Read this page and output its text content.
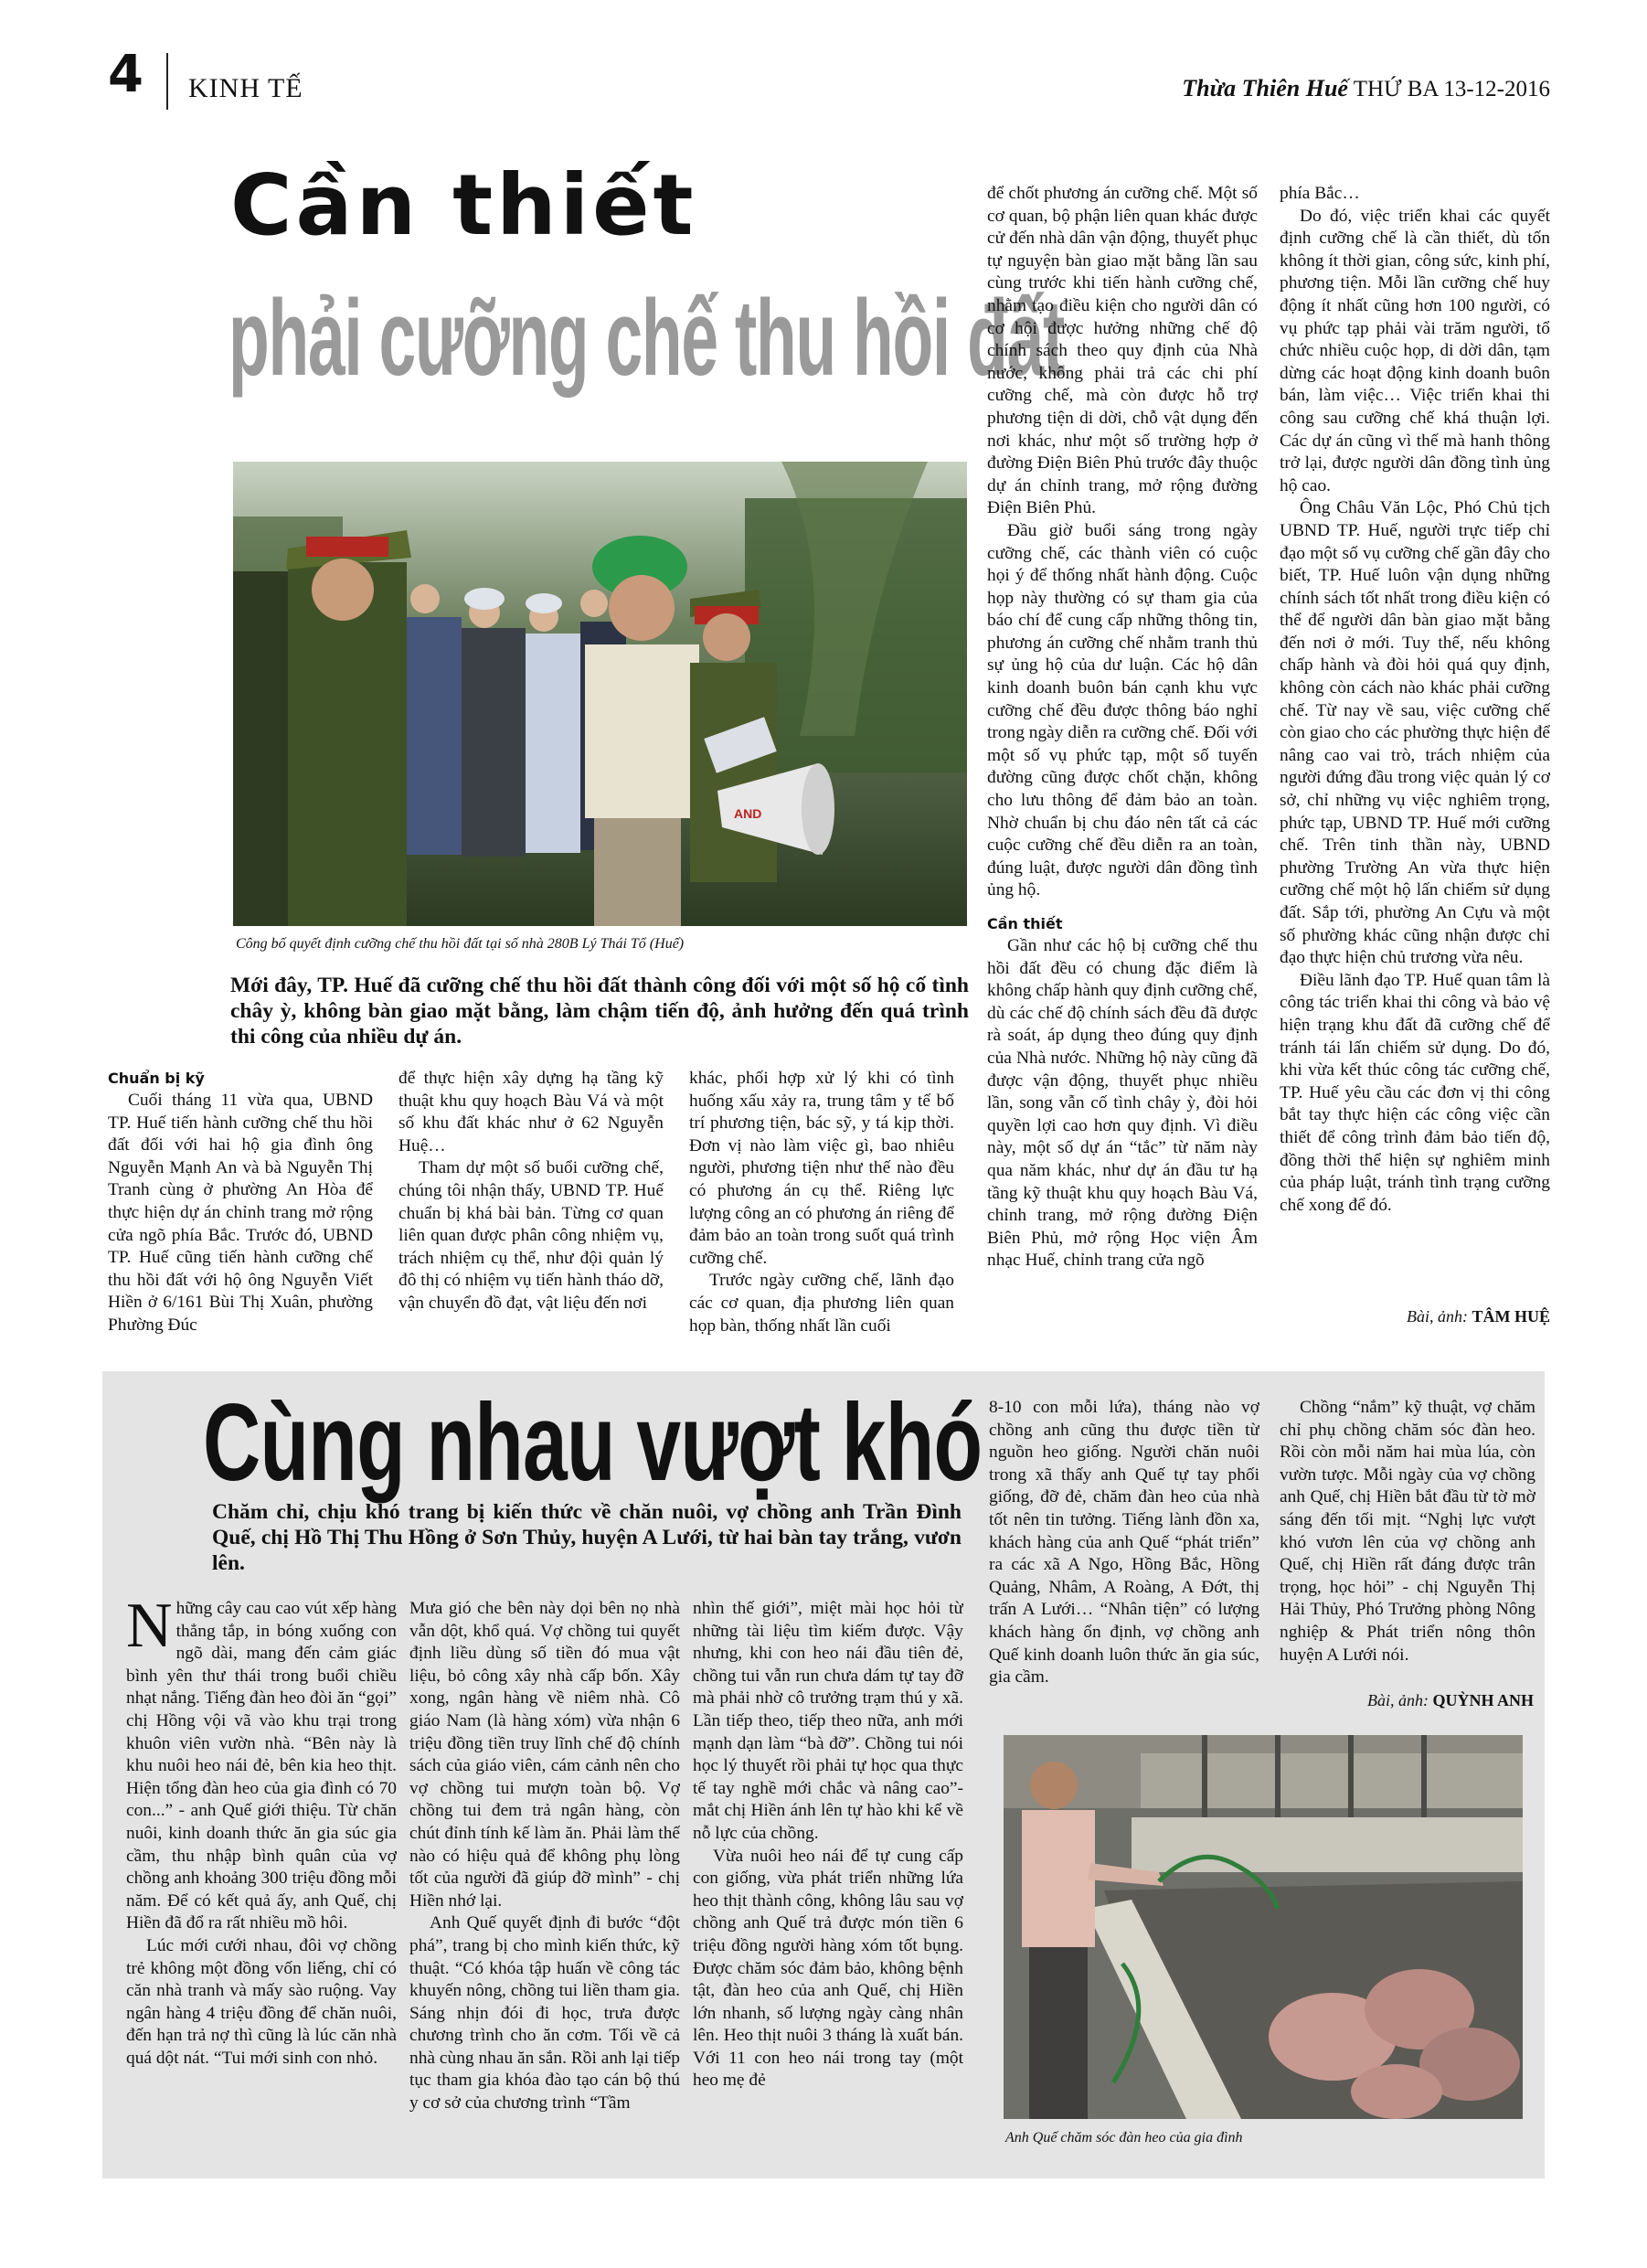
4 KINH TẾ	Thừa Thiên Huế THỨ BA 13-12-2016
Cần thiết
phải cưỡng chế thu hồi đất
AND
Công bố quyết định cưỡng chế thu hồi đất tại số nhà 280B Lý Thái Tổ (Huế)
Mới đây, TP. Huế đã cưỡng chế thu hồi đất thành công đối với một số hộ cố tình chây ỳ, không bàn giao mặt bằng, làm chậm tiến độ, ảnh hưởng đến quá trình thi công của nhiều dự án.
Chuẩn bị kỹ

Cuối tháng 11 vừa qua, UBND TP. Huế tiến hành cưỡng chế thu hồi đất đối với hai hộ gia đình ông Nguyễn Mạnh An và bà Nguyễn Thị Tranh cùng ở phường An Hòa để thực hiện dự án chỉnh trang mở rộng cửa ngõ phía Bắc. Trước đó, UBND TP. Huế cũng tiến hành cưỡng chế thu hồi đất với hộ ông Nguyễn Viết Hiền ở 6/161 Bùi Thị Xuân, phường Phường Đúc

để thực hiện xây dựng hạ tầng kỹ thuật khu quy hoạch Bàu Vá và một số khu đất khác như ở 62 Nguyễn Huệ…

Tham dự một số buổi cưỡng chế, chúng tôi nhận thấy, UBND TP. Huế chuẩn bị khá bài bản. Từng cơ quan liên quan được phân công nhiệm vụ, trách nhiệm cụ thể, như đội quản lý đô thị có nhiệm vụ tiến hành tháo dỡ, vận chuyển đồ đạt, vật liệu đến nơi

khác, phối hợp xử lý khi có tình huống xấu xảy ra, trung tâm y tế bố trí phương tiện, bác sỹ, y tá kịp thời. Đơn vị nào làm việc gì, bao nhiêu người, phương tiện như thế nào đều có phương án cụ thể. Riêng lực lượng công an có phương án riêng để đảm bảo an toàn trong suốt quá trình cưỡng chế.

Trước ngày cưỡng chế, lãnh đạo các cơ quan, địa phương liên quan họp bàn, thống nhất lần cuối

để chốt phương án cưỡng chế. Một số cơ quan, bộ phận liên quan khác được cử đến nhà dân vận động, thuyết phục tự nguyện bàn giao mặt bằng lần sau cùng trước khi tiến hành cưỡng chế, nhằm tạo điều kiện cho người dân có cơ hội được hưởng những chế độ chính sách theo quy định của Nhà nước, không phải trả các chi phí cưỡng chế, mà còn được hỗ trợ phương tiện di dời, chỗ vật dụng đến nơi khác, như một số trường hợp ở đường Điện Biên Phủ trước đây thuộc dự án chỉnh trang, mở rộng đường Điện Biên Phủ.

Đầu giờ buổi sáng trong ngày cưỡng chế, các thành viên có cuộc họi ý để thống nhất hành động. Cuộc họp này thường có sự tham gia của báo chí để cung cấp những thông tin, phương án cưỡng chế nhằm tranh thủ sự ủng hộ của dư luận. Các hộ dân kinh doanh buôn bán cạnh khu vực cưỡng chế đều được thông báo nghỉ trong ngày diễn ra cưỡng chế. Đối với một số vụ phức tạp, một số tuyến đường cũng được chốt chặn, không cho lưu thông để đảm bảo an toàn. Nhờ chuẩn bị chu đáo nên tất cả các cuộc cưỡng chế đều diễn ra an toàn, đúng luật, được người dân đồng tình ủng hộ.

Cần thiết

Gần như các hộ bị cưỡng chế thu hồi đất đều có chung đặc điểm là không chấp hành quy định cưỡng chế, dù các chế độ chính sách đều đã được rà soát, áp dụng theo đúng quy định của Nhà nước. Những hộ này cũng đã được vận động, thuyết phục nhiều lần, song vẫn cố tình chây ỳ, đòi hỏi quyền lợi cao hơn quy định. Vì điều này, một số dự án “tắc” từ năm này qua năm khác, như dự án đầu tư hạ tầng kỹ thuật khu quy hoạch Bàu Vá, chỉnh trang, mở rộng đường Điện Biên Phủ, mở rộng Học viện Âm nhạc Huế, chỉnh trang cửa ngõ

phía Bắc…

Do đó, việc triển khai các quyết định cưỡng chế là cần thiết, dù tốn không ít thời gian, công sức, kinh phí, phương tiện. Mỗi lần cưỡng chế huy động ít nhất cũng hơn 100 người, có vụ phức tạp phải vài trăm người, tổ chức nhiều cuộc họp, di dời dân, tạm dừng các hoạt động kinh doanh buôn bán, làm việc… Việc triển khai thi công sau cưỡng chế khá thuận lợi. Các dự án cũng vì thế mà hanh thông trở lại, được người dân đồng tình ủng hộ cao.

Ông Châu Văn Lộc, Phó Chủ tịch UBND TP. Huế, người trực tiếp chỉ đạo một số vụ cưỡng chế gần đây cho biết, TP. Huế luôn vận dụng những chính sách tốt nhất trong điều kiện có thể để người dân bàn giao mặt bằng đến nơi ở mới. Tuy thế, nếu không chấp hành và đòi hỏi quá quy định, không còn cách nào khác phải cưỡng chế. Từ nay về sau, việc cưỡng chế còn giao cho các phường thực hiện để nâng cao vai trò, trách nhiệm của người đứng đầu trong việc quản lý cơ sở, chỉ những vụ việc nghiêm trọng, phức tạp, UBND TP. Huế mới cưỡng chế. Trên tinh thần này, UBND phường Trường An vừa thực hiện cưỡng chế một hộ lấn chiếm sử dụng đất. Sắp tới, phường An Cựu và một số phường khác cũng nhận được chỉ đạo thực hiện chủ trương vừa nêu.

Điều lãnh đạo TP. Huế quan tâm là công tác triển khai thi công và bảo vệ hiện trạng khu đất đã cưỡng chế để tránh tái lấn chiếm sử dụng. Do đó, khi vừa kết thúc công tác cưỡng chế, TP. Huế yêu cầu các đơn vị thi công bắt tay thực hiện các công việc cần thiết để công trình đảm bảo tiến độ, đồng thời thể hiện sự nghiêm minh của pháp luật, tránh tình trạng cưỡng chế xong để đó.

Bài, ảnh: TÂM HUỆ
Cùng nhau vượt khó
Chăm chỉ, chịu khó trang bị kiến thức về chăn nuôi, vợ chồng anh Trần Đình Quế, chị Hồ Thị Thu Hồng ở Sơn Thủy, huyện A Lưới, từ hai bàn tay trắng, vươn lên.

Những cây cau cao vút xếp hàng thẳng tắp, in bóng xuống con ngõ dài, mang đến cảm giác bình yên thư thái trong buổi chiều nhạt nắng. Tiếng đàn heo đòi ăn “gọi” chị Hồng vội vã vào khu trại trong khuôn viên vườn nhà. “Bên này là khu nuôi heo nái đẻ, bên kia heo thịt. Hiện tổng đàn heo của gia đình có 70 con...” - anh Quế giới thiệu. Từ chăn nuôi, kinh doanh thức ăn gia súc gia cầm, thu nhập bình quân của vợ chồng anh khoảng 300 triệu đồng mỗi năm. Để có kết quả ấy, anh Quế, chị Hiền đã đổ ra rất nhiều mồ hôi.

Lúc mới cưới nhau, đôi vợ chồng trẻ không một đồng vốn liếng, chỉ có căn nhà tranh và mấy sào ruộng. Vay ngân hàng 4 triệu đồng để chăn nuôi, đến hạn trả nợ thì cũng là lúc căn nhà quá dột nát. “Tui mới sinh con nhỏ.

Mưa gió che bên này dọi bên nọ nhà vẫn dột, khổ quá. Vợ chồng tui quyết định liều dùng số tiền đó mua vật liệu, bỏ công xây nhà cấp bốn. Xây xong, ngân hàng về niêm nhà. Cô giáo Nam (là hàng xóm) vừa nhận 6 triệu đồng tiền truy lĩnh chế độ chính sách của giáo viên, cám cảnh nên cho vợ chồng tui mượn toàn bộ. Vợ chồng tui đem trả ngân hàng, còn chút đỉnh tính kế làm ăn. Phải làm thế nào có hiệu quả để không phụ lòng tốt của người đã giúp đỡ mình” - chị Hiền nhớ lại.

Anh Quế quyết định đi bước “đột phá”, trang bị cho mình kiến thức, kỹ thuật. “Có khóa tập huấn về công tác khuyến nông, chồng tui liền tham gia. Sáng nhịn đói đi học, trưa được chương trình cho ăn cơm. Tối về cả nhà cùng nhau ăn sắn. Rồi anh lại tiếp tục tham gia khóa đào tạo cán bộ thú y cơ sở của chương trình “Tầm

nhìn thế giới”, miệt mài học hỏi từ những tài liệu tìm kiếm được. Vậy nhưng, khi con heo nái đầu tiên đẻ, chồng tui vẫn run chưa dám tự tay đỡ mà phải nhờ cô trưởng trạm thú y xã. Lần tiếp theo, tiếp theo nữa, anh mới mạnh dạn làm “bà đỡ”. Chồng tui nói học lý thuyết rồi phải tự học qua thực tế tay nghề mới chắc và nâng cao”- mắt chị Hiền ánh lên tự hào khi kể về nỗ lực của chồng.

Vừa nuôi heo nái để tự cung cấp con giống, vừa phát triển những lứa heo thịt thành công, không lâu sau vợ chồng anh Quế trả được món tiền 6 triệu đồng người hàng xóm tốt bụng. Được chăm sóc đảm bảo, không bệnh tật, đàn heo của anh Quế, chị Hiền lớn nhanh, số lượng ngày càng nhân lên. Heo thịt nuôi 3 tháng là xuất bán. Với 11 con heo nái trong tay (một heo mẹ đẻ

8-10 con mỗi lứa), tháng nào vợ chồng anh cũng thu được tiền từ nguồn heo giống. Người chăn nuôi trong xã thấy anh Quế tự tay phối giống, đỡ đẻ, chăm đàn heo của nhà tốt nên tin tưởng. Tiếng lành đồn xa, khách hàng của anh Quế “phát triển” ra các xã A Ngo, Hồng Bắc, Hồng Quảng, Nhâm, A Roàng, A Đớt, thị trấn A Lưới… “Nhân tiện” có lượng khách hàng ổn định, vợ chồng anh Quế kinh doanh luôn thức ăn gia súc, gia cầm.

Chồng “nắm” kỹ thuật, vợ chăm chỉ phụ chồng chăm sóc đàn heo. Rồi còn mỗi năm hai mùa lúa, còn vườn tược. Mỗi ngày của vợ chồng anh Quế, chị Hiền bắt đầu từ tờ mờ sáng đến tối mịt. “Nghị lực vượt khó vươn lên của vợ chồng anh Quế, chị Hiền rất đáng được trân trọng, học hỏi” - chị Nguyễn Thị Hải Thủy, Phó Trưởng phòng Nông nghiệp & Phát triển nông thôn huyện A Lưới nói.

Bài, ảnh: QUỲNH ANH
Anh Quế chăm sóc đàn heo của gia đình
